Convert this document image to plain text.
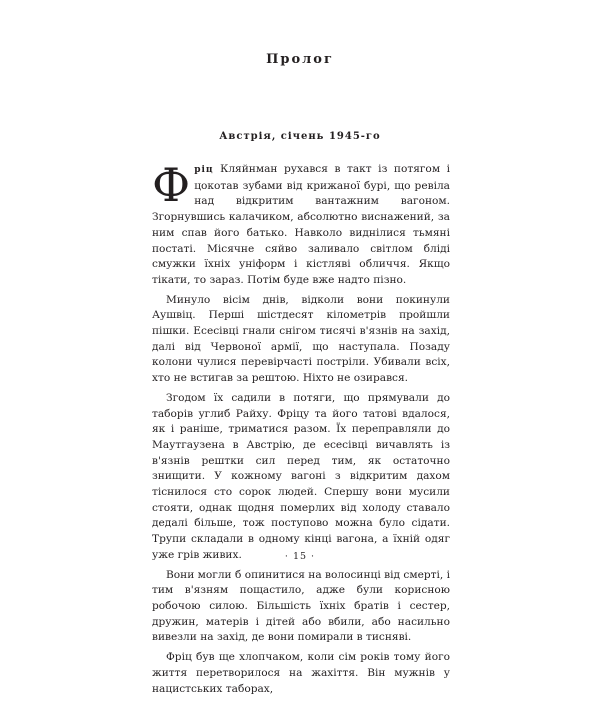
Пролог
Австрія, січень 1945-го

Фріц Кляйнман рухався в такт із потягом і цокотав зубами від крижаної бурі, що ревіла над відкритим вантажним вагоном. Згорнувшись калачиком, абсолютно виснажений, за ним спав його батько. Навколо виднілися тьмяні постаті. Місячне сяйво заливало світлом бліді смужки їхніх уніформ і кістляві обличчя. Якщо тікати, то зараз. Потім буде вже надто пізно.

Минуло вісім днів, відколи вони покинули Аушвіц. Перші шістдесят кілометрів пройшли пішки. Есесівці гнали снігом тисячі в'язнів на захід, далі від Червоної армії, що наступала. Позаду колони чулися перевірчасті постріли. Убивали всіх, хто не встигав за рештою. Ніхто не озирався.

Згодом їх садили в потяги, що прямували до таборів углиб Райху. Фріцу та його татові вдалося, як і раніше, триматися разом. Їх переправляли до Маутгаузена в Австрію, де есесівці вичавлять із в'язнів рештки сил перед тим, як остаточно знищити. У кожному вагоні з відкритим дахом тіснилося сто сорок людей. Спершу вони мусили стояти, однак щодня померлих від холоду ставало дедалі більше, тож поступово можна було сідати. Трупи складали в одному кінці вагона, а їхній одяг уже грів живих.

Вони могли б опинитися на волосинці від смерті, і тим в'язням пощастило, адже були корисною робочою силою. Більшість їхніх братів і сестер, дружин, матерів і дітей або вбили, або насильно вивезли на захід, де вони помирали в тисняві.

Фріц був ще хлопчаком, коли сім років тому його життя перетворилося на жахіття. Він мужнів у нацистських таборах,

· 15 ·
